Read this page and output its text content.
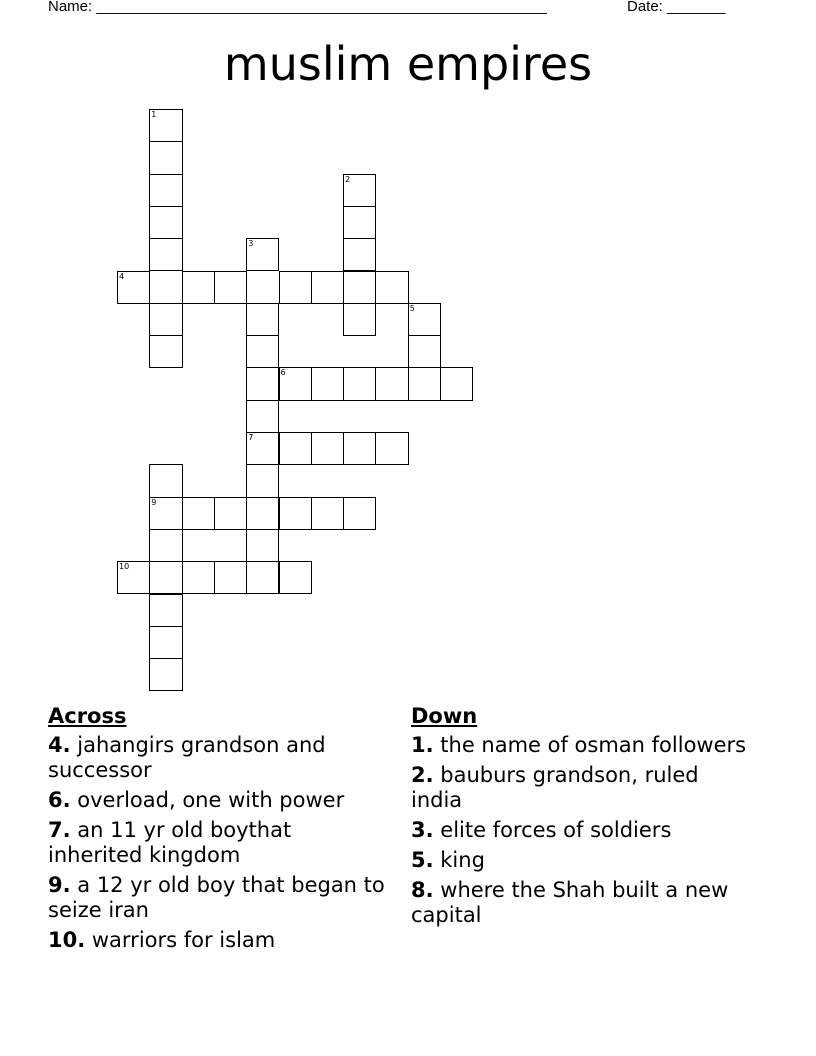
Name: ______________________________________________________	Date: _______
muslim empires
1
2
3
7
4
5
6
9
10
Across
4. jahangirs grandson and successor
6. overload, one with power
7. an 11 yr old boythat inherited kingdom
9. a 12 yr old boy that began to seize iran
10. warriors for islam
Down
1. the name of osman followers
2. bauburs grandson, ruled india
3. elite forces of soldiers
5. king
8. where the Shah built a new capital
